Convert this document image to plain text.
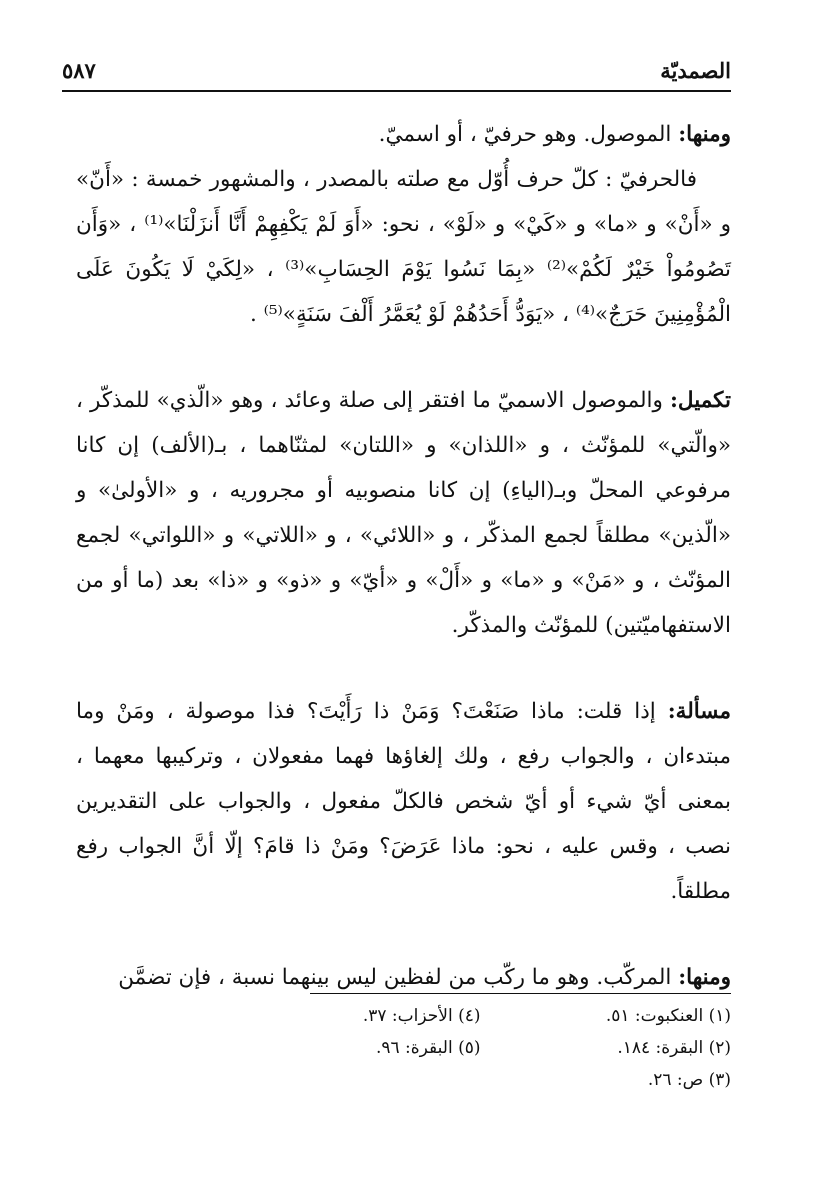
الصمديّة
٥٨٧

ومنها: الموصول. وهو حرفيّ ، أو اسميّ.

فالحرفيّ : كلّ حرف أُوّل مع صلته بالمصدر ، والمشهور خمسة : «أَنّ» و «أَنْ» و «ما» و «كَيْ» و «لَوْ» ، نحو: «أَوَ لَمْ يَكْفِهِمْ أَنَّا أَنزَلْنَا»⁽¹⁾ ، «وَأَن تَصُومُواْ خَيْرٌ لَكُمْ»⁽²⁾ «بِمَا نَسُوا يَوْمَ الحِسَابِ»⁽³⁾ ، «لِكَيْ لَا يَكُونَ عَلَى الْمُؤْمِنِينَ حَرَجٌ»⁽⁴⁾ ، «يَوَدُّ أَحَدُهُمْ لَوْ يُعَمَّرُ أَلْفَ سَنَةٍ»⁽⁵⁾ .

تكميل: والموصول الاسميّ ما افتقر إلى صلة وعائد ، وهو «الّذي» للمذكّر ، «والّتي» للمؤنّث ، و «اللذان» و «اللتان» لمثنّاهما ، بـ(الألف) إن كانا مرفوعي المحلّ وبـ(الياءِ) إن كانا منصوبيه أو مجروريه ، و «الأولىٰ» و «الّذين» مطلقاً لجمع المذكّر ، و «اللائي» ، و «اللاتي» و «اللواتي» لجمع المؤنّث ، و «مَنْ» و «ما» و «أَلْ» و «أيّ» و «ذو» و «ذا» بعد (ما أو من الاستفهاميّتين) للمؤنّث والمذكّر.

مسألة: إذا قلت: ماذا صَنَعْتَ؟ وَمَنْ ذا رَأَيْتَ؟ فذا موصولة ، ومَنْ وما مبتدءان ، والجواب رفع ، ولك إلغاؤها فهما مفعولان ، وتركيبها معهما ، بمعنى أيّ شيء أو أيّ شخص فالكلّ مفعول ، والجواب على التقديرين نصب ، وقس عليه ، نحو: ماذا عَرَضَ؟ ومَنْ ذا قامَ؟ إلّا أنَّ الجواب رفع مطلقاً.

ومنها: المركّب. وهو ما ركّب من لفظين ليس بينهما نسبة ، فإن تضمَّن

(١) العنكبوت: ٥١.
(٤) الأحزاب: ٣٧.
(٢) البقرة: ١٨٤.
(٥) البقرة: ٩٦.
(٣) ص: ٢٦.
